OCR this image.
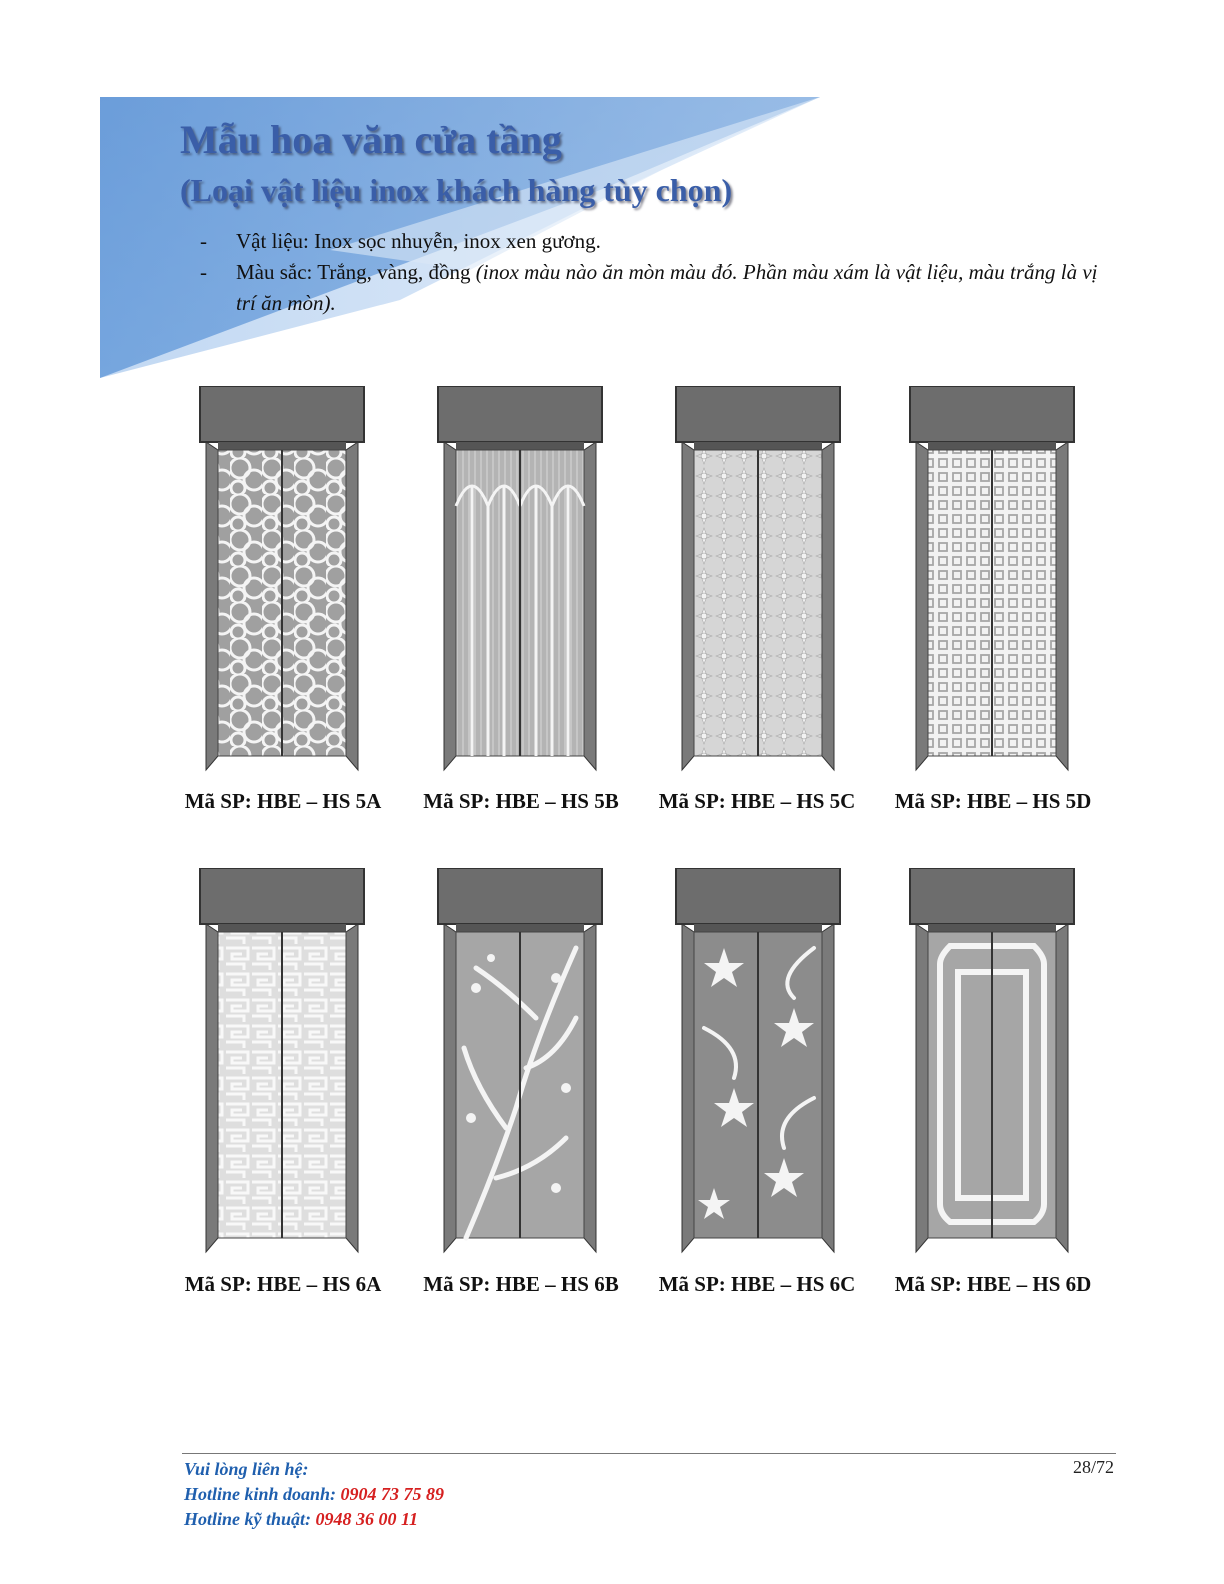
Mẫu hoa văn cửa tầng
(Loại vật liệu inox khách hàng tùy chọn)
- Vật liệu: Inox sọc nhuyễn, inox xen gương.
- Màu sắc: Trắng, vàng, đồng (inox màu nào ăn mòn màu đó. Phần màu xám là vật liệu, màu trắng là vị trí ăn mòn).
Mã SP: HBE – HS 5A	Mã SP: HBE – HS 5B	Mã SP: HBE – HS 5C	Mã SP: HBE – HS 5D
Mã SP: HBE – HS 6A	Mã SP: HBE – HS 6B	Mã SP: HBE – HS 6C	Mã SP: HBE – HS 6D
Vui lòng liên hệ:
Hotline kinh doanh: 0904 73 75 89
Hotline kỹ thuật: 0948 36 00 11
28/72
